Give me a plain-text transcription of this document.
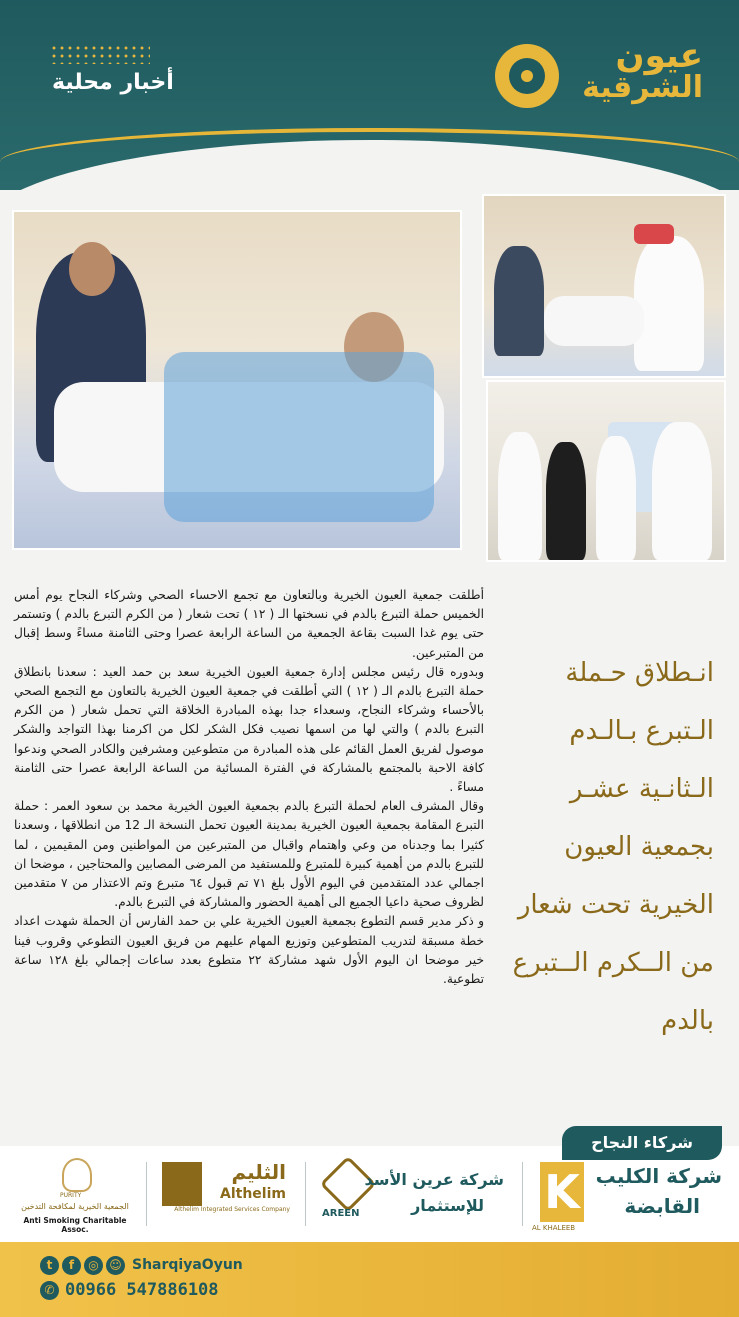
أخبار محلية
عيون
الشرقية

أطلقت جمعية العيون الخيرية وبالتعاون مع تجمع الاحساء الصحي وشركاء النجاح يوم أمس الخميس حملة التبرع بالدم في نسختها الـ ( ١٢ ) تحت شعار ( من الكرم التبرع بالدم ) وتستمر حتى يوم غدا السبت بقاعة الجمعية من الساعة الرابعة عصرا وحتى الثامنة مساءً وسط إقبال من المتبرعين.

وبدوره قال رئيس مجلس إدارة جمعية العيون الخيرية سعد بن حمد العيد : سعدنا بانطلاق حملة التبرع بالدم الـ ( ١٢ ) التي أطلقت في جمعية العيون الخيرية بالتعاون مع التجمع الصحي بالأحساء وشركاء النجاح، وسعداء جدا بهذه المبادرة الخلاقة التي تحمل شعار ( من الكرم التبرع بالدم ) والتي لها من اسمها نصيب فكل الشكر لكل من اكرمنا بهذا التواجد والشكر موصول لفريق العمل القائم على هذه المبادرة من متطوعين ومشرفين والكادر الصحي وندعوا كافة الاحبة بالمجتمع بالمشاركة في الفترة المسائية من الساعة الرابعة عصرا حتى الثامنة مساءً .

وقال المشرف العام لحملة التبرع بالدم بجمعية العيون الخيرية محمد بن سعود العمر : حملة التبرع المقامة بجمعية العيون الخيرية بمدينة العيون تحمل النسخة الـ 12 من انطلاقها ، وسعدنا كثيرا بما وجدناه من وعي واهتمام واقبال من المتبرعين من المواطنين ومن المقيمين ، لما للتبرع بالدم من أهمية كبيرة للمتبرع وللمستفيد من المرضى المصابين والمحتاجين ، موضحا ان اجمالي عدد المتقدمين في اليوم الأول بلغ ٧١ تم قبول ٦٤ متبرع وتم الاعتذار من ٧ متقدمين لظروف صحية داعيا الجميع الى أهمية الحضور والمشاركة في التبرع بالدم.

و ذكر مدير قسم التطوع بجمعية العيون الخيرية علي بن حمد الفارس أن الحملة شهدت اعداد خطة مسبقة لتدريب المتطوعين وتوزيع المهام عليهم من فريق العيون التطوعي وقروب فينا خير موضحا ان اليوم الأول شهد مشاركة ٢٢ متطوع بعدد ساعات إجمالي بلغ ١٢٨ ساعة تطوعية.

انـطلاق حـملة الـتبرع بـالـدم الـثانـية عشـر بجمعية العيون الخيرية تحت شعار من الــكرم الــتبرع بالدم
شركاء النجاح
K شركة الكليب
القابضة
AL KHALEEB
AREEN
شركة عرين الأسد
للإستثمار
الثليم
Althelim
Althelim Integrated Services Company
PURITY
الجمعية الخيرية لمكافحة التدخين
Anti Smoking Charitable Assoc.
t	f	◎ ☺ SharqiyaOyun
✆ 00966 547886108
